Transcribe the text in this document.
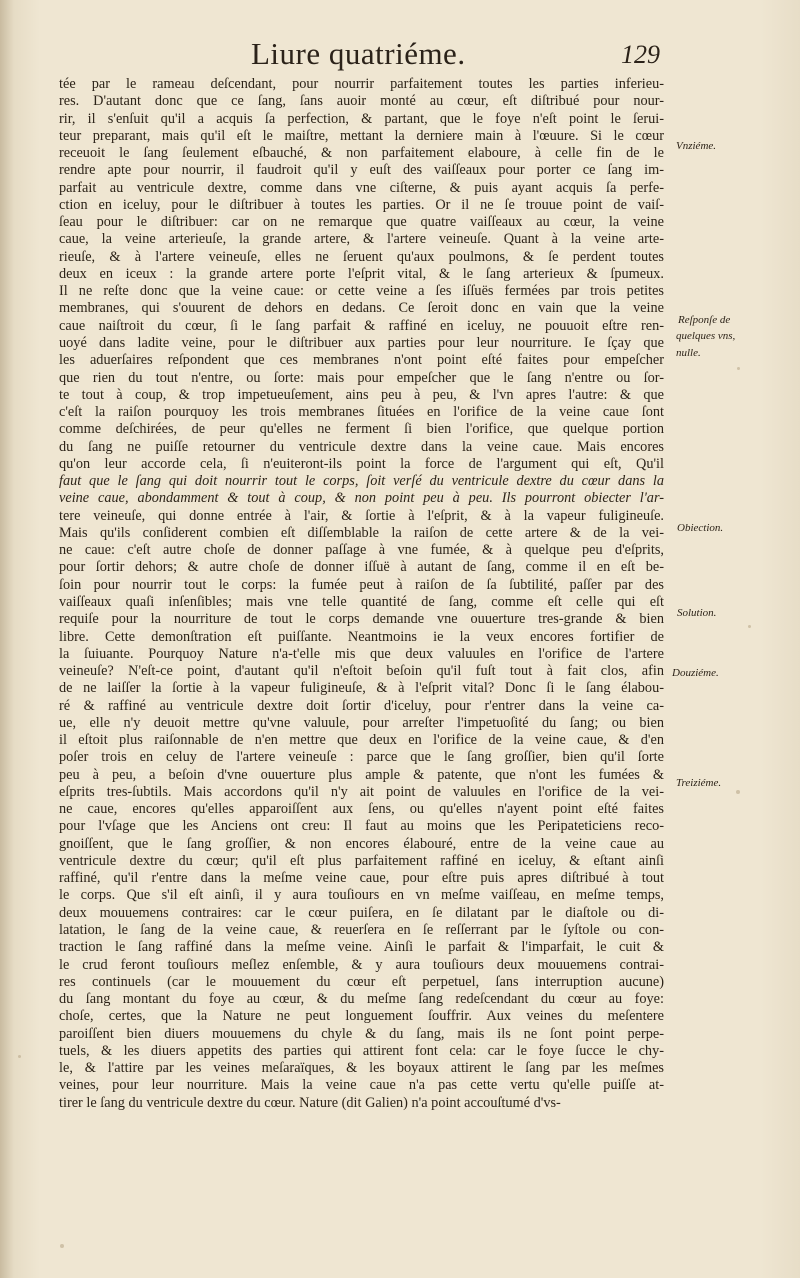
Liure quatriéme.	129
tée par le rameau deſcendant, pour nourrir parfaitement toutes les parties inferieu-
res. D'autant donc que ce ſang, ſans auoir monté au cœur, eſt diſtribué pour nour-
rir, il s'enſuit qu'il a acquis ſa perfection, & partant, que le foye n'eſt point le ſerui-
teur preparant, mais qu'il eſt le maiſtre, mettant la derniere main à l'œuure. Si le cœur
receuoit le ſang ſeulement eſbauché, & non parfaitement elaboure, à celle fin de le
rendre apte pour nourrir, il faudroit qu'il y euſt des vaiſſeaux pour porter ce ſang im-
parfait au ventricule dextre, comme dans vne ciſterne, & puis ayant acquis ſa perfe-
ction en iceluy, pour le diſtribuer à toutes les parties. Or il ne ſe trouue point de vaiſ-
ſeau pour le diſtribuer: car on ne remarque que quatre vaiſſeaux au cœur, la veine
caue, la veine arterieuſe, la grande artere, & l'artere veineuſe. Quant à la veine arte-
rieuſe, & à l'artere veineuſe, elles ne ſeruent qu'aux poulmons, & ſe perdent toutes
deux en iceux : la grande artere porte l'eſprit vital, & le ſang arterieux & ſpumeux.
Il ne reſte donc que la veine caue: or cette veine a ſes iſſuës fermées par trois petites
membranes, qui s'ouurent de dehors en dedans. Ce ſeroit donc en vain que la veine
caue naiſtroit du cœur, ſi le ſang parfait & raffiné en iceluy, ne pouuoit eſtre ren-
uoyé dans ladite veine, pour le diſtribuer aux parties pour leur nourriture. Ie ſçay que
les aduerſaires reſpondent que ces membranes n'ont point eſté faites pour empeſcher
que rien du tout n'entre, ou ſorte: mais pour empeſcher que le ſang n'entre ou ſor-
te tout à coup, & trop impetueuſement, ains peu à peu, & l'vn apres l'autre: & que
c'eſt la raiſon pourquoy les trois membranes ſituées en l'orifice de la veine caue ſont
comme deſchirées, de peur qu'elles ne ferment ſi bien l'orifice, que quelque portion
du ſang ne puiſſe retourner du ventricule dextre dans la veine caue. Mais encores
qu'on leur accorde cela, ſi n'euiteront-ils point la force de l'argument qui eſt, Qu'il
faut que le ſang qui doit nourrir tout le corps, ſoit verſé du ventricule dextre du cœur dans la
veine caue, abondamment & tout à coup, & non point peu à peu. Ils pourront obiecter l'ar-
tere veineuſe, qui donne entrée à l'air, & ſortie à l'eſprit, & à la vapeur fuligineuſe.
Mais qu'ils conſiderent combien eſt diſſemblable la raiſon de cette artere & de la vei-
ne caue: c'eſt autre choſe de donner paſſage à vne fumée, & à quelque peu d'eſprits,
pour ſortir dehors; & autre choſe de donner iſſuë à autant de ſang, comme il en eſt be-
ſoin pour nourrir tout le corps: la fumée peut à raiſon de ſa ſubtilité, paſſer par des
vaiſſeaux quaſi inſenſibles; mais vne telle quantité de ſang, comme eſt celle qui eſt
requiſe pour la nourriture de tout le corps demande vne ouuerture tres-grande & bien
libre. Cette demonſtration eſt puiſſante. Neantmoins ie la veux encores fortifier de
la ſuiuante. Pourquoy Nature n'a-t'elle mis que deux valuules en l'orifice de l'artere
veineuſe? N'eſt-ce point, d'autant qu'il n'eſtoit beſoin qu'il fuſt tout à fait clos, afin
de ne laiſſer la ſortie à la vapeur fuligineuſe, & à l'eſprit vital? Donc ſi le ſang élabou-
ré & raffiné au ventricule dextre doit ſortir d'iceluy, pour r'entrer dans la veine ca-
ue, elle n'y deuoit mettre qu'vne valuule, pour arreſter l'impetuoſité du ſang; ou bien
il eſtoit plus raiſonnable de n'en mettre que deux en l'orifice de la veine caue, & d'en
poſer trois en celuy de l'artere veineuſe : parce que le ſang groſſier, bien qu'il ſorte
peu à peu, a beſoin d'vne ouuerture plus ample & patente, que n'ont les fumées &
eſprits tres-ſubtils. Mais accordons qu'il n'y ait point de valuules en l'orifice de la vei-
ne caue, encores qu'elles apparoiſſent aux ſens, ou qu'elles n'ayent point eſté faites
pour l'vſage que les Anciens ont creu: Il faut au moins que les Peripateticiens reco-
gnoiſſent, que le ſang groſſier, & non encores élabouré, entre de la veine caue au
ventricule dextre du cœur; qu'il eſt plus parfaitement raffiné en iceluy, & eſtant ainſi
raffiné, qu'il r'entre dans la meſme veine caue, pour eſtre puis apres diſtribué à tout
le corps. Que s'il eſt ainſi, il y aura touſiours en vn meſme vaiſſeau, en meſme temps,
deux mouuemens contraires: car le cœur puiſera, en ſe dilatant par le diaſtole ou di-
latation, le ſang de la veine caue, & reuerſera en ſe reſſerrant par le ſyſtole ou con-
traction le ſang raffiné dans la meſme veine. Ainſi le parfait & l'imparfait, le cuit &
le crud feront touſiours meſlez enſemble, & y aura touſiours deux mouuemens contrai-
res continuels (car le mouuement du cœur eſt perpetuel, ſans interruption aucune)
du ſang montant du foye au cœur, & du meſme ſang redeſcendant du cœur au foye:
choſe, certes, que la Nature ne peut longuement ſouffrir. Aux veines du meſentere
paroiſſent bien diuers mouuemens du chyle & du ſang, mais ils ne ſont point perpe-
tuels, & les diuers appetits des parties qui attirent font cela: car le foye ſucce le chy-
le, & l'attire par les veines meſaraïques, & les boyaux attirent le ſang par les meſmes
veines, pour leur nourriture. Mais la veine caue n'a pas cette vertu qu'elle puiſſe at-
tirer le ſang du ventricule dextre du cœur. Nature (dit Galien) n'a point accouſtumé d'vs-
Vnziéme.
Reſponſe de
quelques vns,
nulle.
Obiection.
Solution.
Douziéme.
Treiziéme.
